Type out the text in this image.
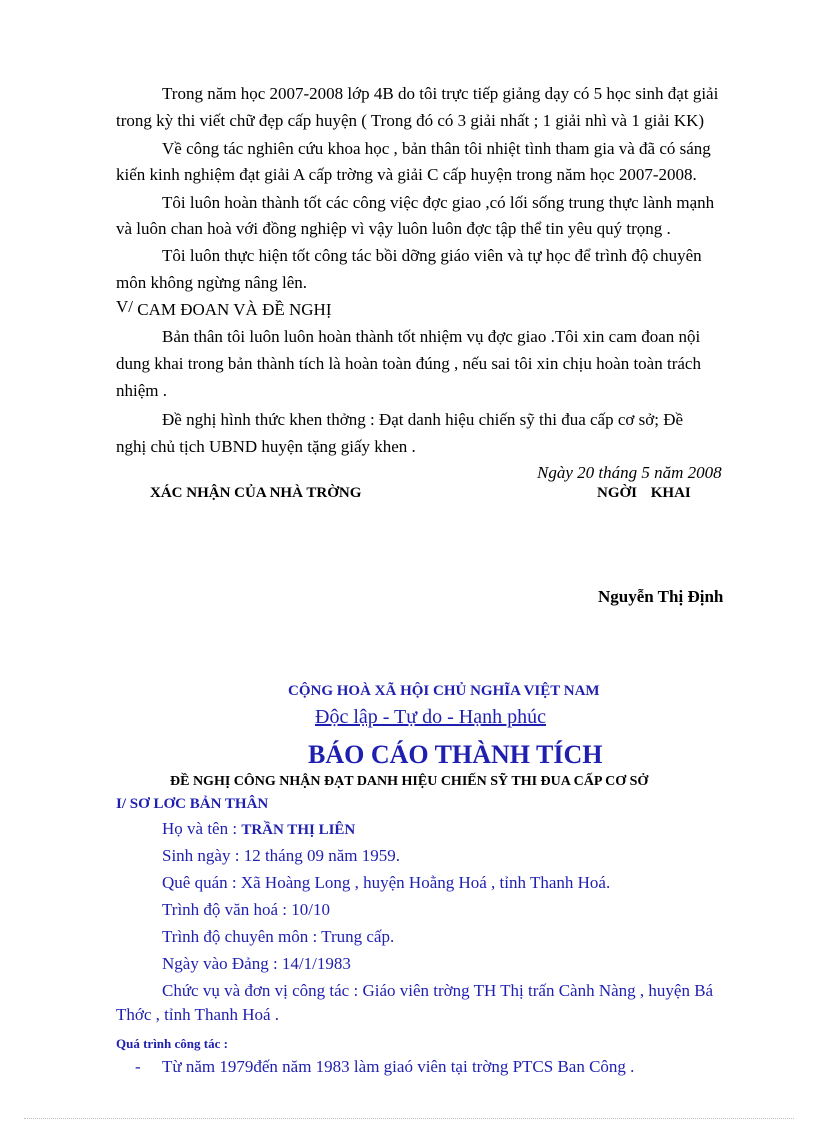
Trong năm học 2007-2008 lớp 4B do tôi trực tiếp giảng dạy có 5 học sinh đạt giải
trong kỳ thi viết chữ đẹp cấp huyện ( Trong đó có 3 giải nhất ; 1 giải nhì và 1 giải KK)
Về công tác nghiên cứu khoa học , bản thân tôi nhiệt tình tham gia và đã có sáng
kiến kinh nghiệm đạt giải A cấp trờng và giải C cấp huyện trong năm học 2007-2008.
Tôi luôn hoàn thành tốt các công việc đợc giao ,có lối sống trung thực lành mạnh
và luôn chan hoà với đồng nghiệp vì vậy luôn luôn đợc tập thể tin yêu quý trọng .
Tôi luôn thực hiện tốt công tác bồi dỡng giáo viên và tự học để trình độ chuyên
môn không ngừng nâng lên.
V/ CAM ĐOAN VÀ ĐỀ NGHỊ
Bản thân tôi luôn luôn hoàn thành tốt nhiệm vụ đợc giao .Tôi xin cam đoan nội
dung khai trong bản thành tích là hoàn toàn đúng , nếu sai tôi xin chịu hoàn toàn trách
nhiệm .
Đề nghị hình thức khen thởng : Đạt danh hiệu chiến sỹ thi đua cấp cơ sở; Đề
nghị chủ tịch UBND huyện tặng giấy khen .
Ngày 20 tháng 5 năm 2008
XÁC NHẬN CỦA NHÀ TRỜNG	NGỜI KHAI
Nguyễn Thị Định
CỘNG HOÀ XÃ HỘI CHỦ NGHĨA VIỆT NAM
Độc lập - Tự do - Hạnh phúc
BÁO CÁO THÀNH TÍCH
ĐỀ NGHỊ CÔNG NHẬN ĐẠT DANH HIỆU CHIẾN SỸ THI ĐUA CẤP CƠ SỞ
I/ SƠ LƠC BẢN THÂN
Họ và tên : TRẦN THỊ LIÊN
Sinh ngày : 12 tháng 09 năm 1959.
Quê quán : Xã Hoàng Long , huyện Hoằng Hoá , tỉnh Thanh Hoá.
Trình độ văn hoá : 10/10
Trình độ chuyên môn : Trung cấp.
Ngày vào Đảng : 14/1/1983
Chức vụ và đơn vị công tác : Giáo viên trờng TH Thị trấn Cành Nàng , huyện Bá
Thớc , tỉnh Thanh Hoá .
Quá trình công tác :
- Từ năm 1979đến năm 1983 làm giaó viên tại trờng PTCS Ban Công .
